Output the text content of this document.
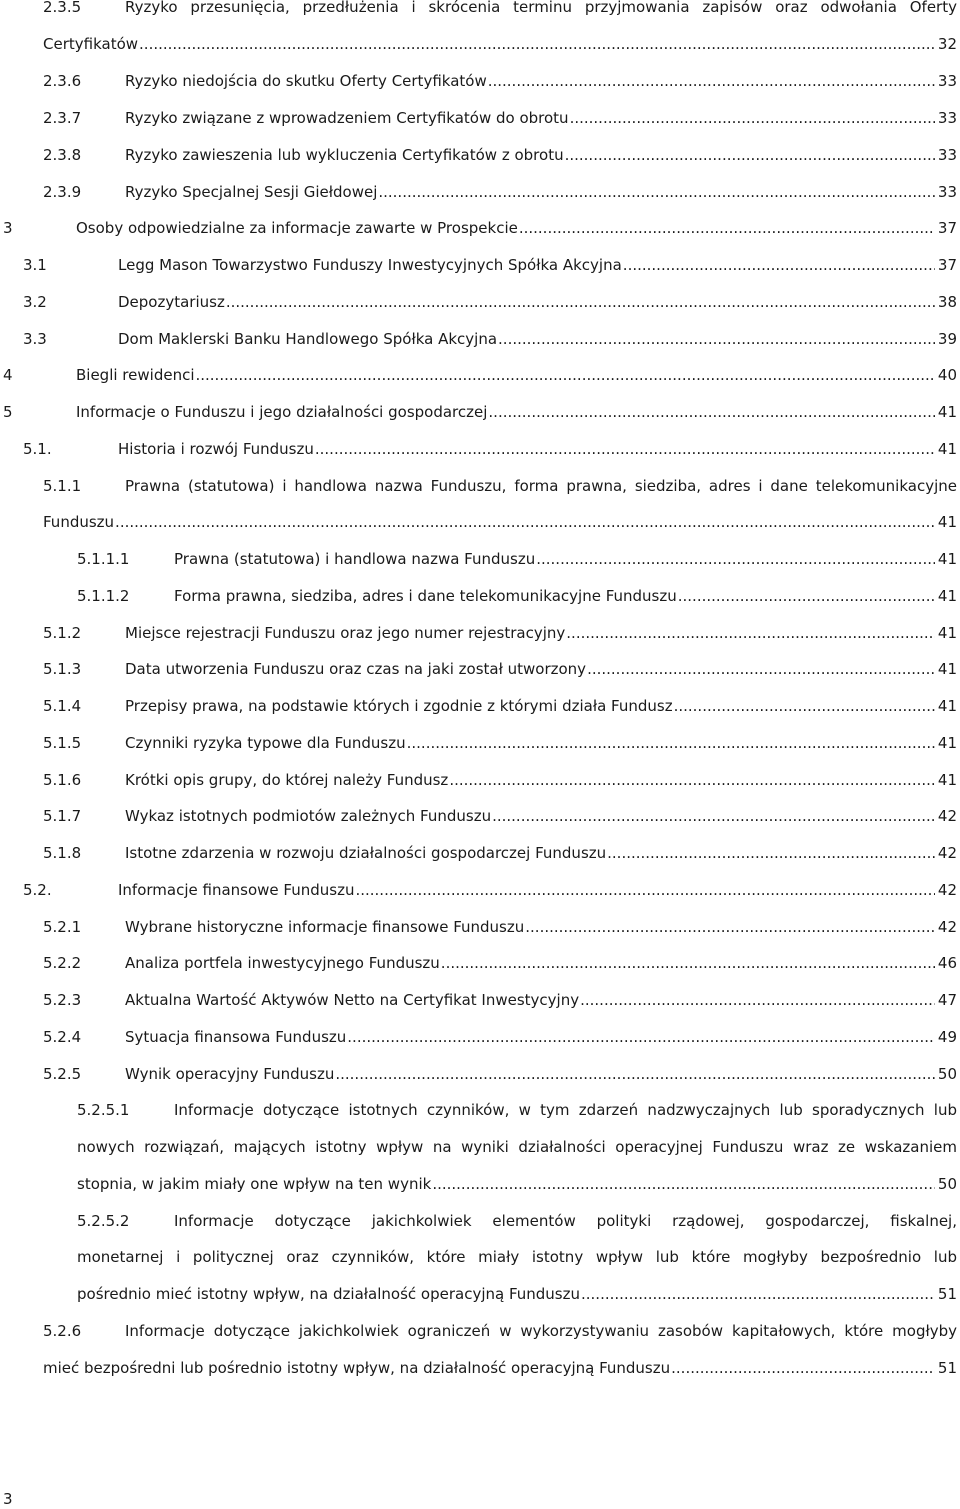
2.3.5	Ryzyko przesunięcia, przedłużenia i skrócenia terminu przyjmowania zapisów oraz odwołania Oferty
Certyfikatów .....	32
2.3.6	Ryzyko niedojścia do skutku Oferty Certyfikatów .....	33
2.3.7	Ryzyko związane z wprowadzeniem Certyfikatów do obrotu .....	33
2.3.8	Ryzyko zawieszenia lub wykluczenia Certyfikatów z obrotu .....	33
2.3.9	Ryzyko Specjalnej Sesji Giełdowej .....	33
3	Osoby odpowiedzialne za informacje zawarte w Prospekcie .....	37
3.1	Legg Mason Towarzystwo Funduszy Inwestycyjnych Spółka Akcyjna .....	37
3.2	Depozytariusz .....	38
3.3	Dom Maklerski Banku Handlowego Spółka Akcyjna .....	39
4	Biegli rewidenci .....	40
5	Informacje o Funduszu i jego działalności gospodarczej .....	41
5.1.	Historia i rozwój Funduszu .....	41
5.1.1	Prawna (statutowa) i handlowa nazwa Funduszu, forma prawna, siedziba, adres i dane telekomunikacyjne
Funduszu .....	41
5.1.1.1	Prawna (statutowa) i handlowa nazwa Funduszu .....	41
5.1.1.2	Forma prawna, siedziba, adres i dane telekomunikacyjne Funduszu .....	41
5.1.2	Miejsce rejestracji Funduszu oraz jego numer rejestracyjny .....	41
5.1.3	Data utworzenia Funduszu oraz czas na jaki został utworzony .....	41
5.1.4	Przepisy prawa, na podstawie których i zgodnie z którymi działa Fundusz .....	41
5.1.5	Czynniki ryzyka typowe dla Funduszu .....	41
5.1.6	Krótki opis grupy, do której należy Fundusz .....	41
5.1.7	Wykaz istotnych podmiotów zależnych Funduszu .....	42
5.1.8	Istotne zdarzenia w rozwoju działalności gospodarczej Funduszu .....	42
5.2.	Informacje finansowe Funduszu .....	42
5.2.1	Wybrane historyczne informacje finansowe Funduszu .....	42
5.2.2	Analiza portfela inwestycyjnego Funduszu .....	46
5.2.3	Aktualna Wartość Aktywów Netto na Certyfikat Inwestycyjny .....	47
5.2.4	Sytuacja finansowa Funduszu .....	49
5.2.5	Wynik operacyjny Funduszu .....	50
5.2.5.1	Informacje dotyczące istotnych czynników, w tym zdarzeń nadzwyczajnych lub sporadycznych lub
nowych rozwiązań, mających istotny wpływ na wyniki działalności operacyjnej Funduszu wraz ze wskazaniem
stopnia, w jakim miały one wpływ na ten wynik .....	50
5.2.5.2	Informacje dotyczące jakichkolwiek elementów polityki rządowej, gospodarczej, fiskalnej,
monetarnej i politycznej oraz czynników, które miały istotny wpływ lub które mogłyby bezpośrednio lub
pośrednio mieć istotny wpływ, na działalność operacyjną Funduszu .....	51
5.2.6	Informacje dotyczące jakichkolwiek ograniczeń w wykorzystywaniu zasobów kapitałowych, które mogłyby
mieć bezpośredni lub pośrednio istotny wpływ, na działalność operacyjną Funduszu .....	51
3
